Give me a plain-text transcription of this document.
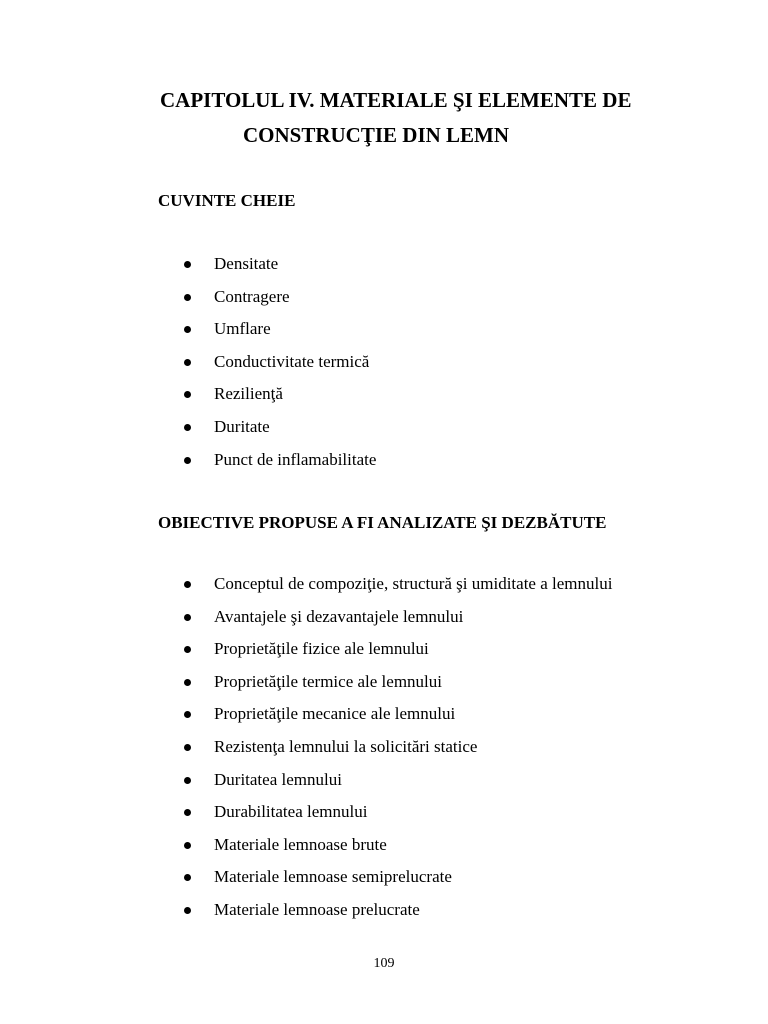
CAPITOLUL IV. MATERIALE ŞI ELEMENTE DE
CONSTRUCŢIE DIN LEMN
CUVINTE CHEIE
Densitate
Contragere
Umflare
Conductivitate termică
Rezilienţă
Duritate
Punct de inflamabilitate
OBIECTIVE PROPUSE A FI ANALIZATE ŞI DEZBĂTUTE
Conceptul de compoziţie, structură şi umiditate a lemnului
Avantajele şi dezavantajele lemnului
Proprietăţile fizice ale lemnului
Proprietăţile termice ale lemnului
Proprietăţile mecanice ale lemnului
Rezistenţa lemnului la solicitări statice
Duritatea lemnului
Durabilitatea lemnului
Materiale lemnoase brute
Materiale lemnoase semiprelucrate
Materiale lemnoase prelucrate
109
